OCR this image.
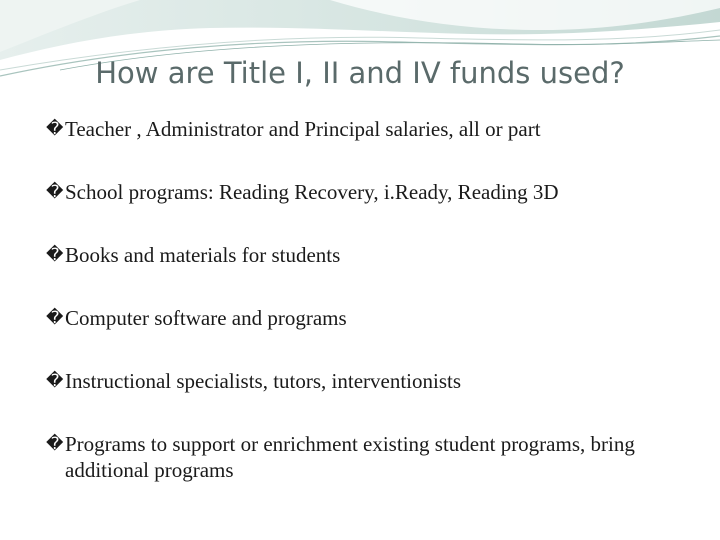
How are Title I, II and IV funds used?
� Teacher , Administrator and Principal salaries, all or part
� School programs: Reading Recovery, i.Ready, Reading 3D
� Books and materials for students
� Computer software and programs
� Instructional specialists, tutors, interventionists
� Programs to support or enrichment existing student programs, bring additional programs
